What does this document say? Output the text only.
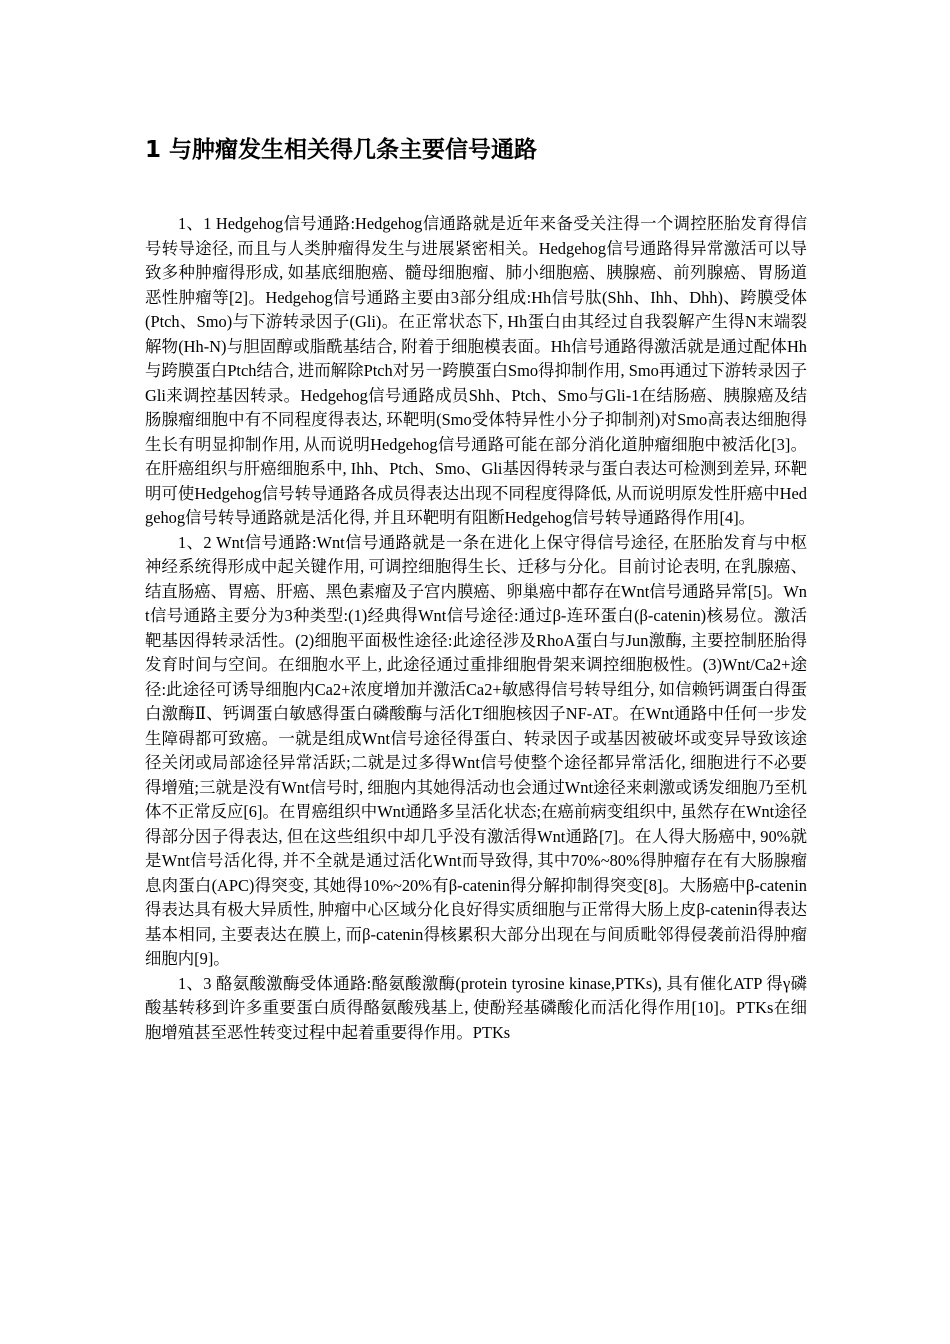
1 与肿瘤发生相关得几条主要信号通路

1、1 Hedgehog信号通路:Hedgehog信通路就是近年来备受关注得一个调控胚胎发育得信号转导途径, 而且与人类肿瘤得发生与进展紧密相关。Hedgehog信号通路得异常激活可以导致多种肿瘤得形成, 如基底细胞癌、髓母细胞瘤、肺小细胞癌、胰腺癌、前列腺癌、胃肠道恶性肿瘤等[2]。Hedgehog信号通路主要由3部分组成:Hh信号肽(Shh、Ihh、Dhh)、跨膜受体(Ptch、Smo)与下游转录因子(Gli)。在正常状态下, Hh蛋白由其经过自我裂解产生得N末端裂解物(Hh-N)与胆固醇或脂酰基结合, 附着于细胞模表面。Hh信号通路得激活就是通过配体Hh与跨膜蛋白Ptch结合, 进而解除Ptch对另一跨膜蛋白Smo得抑制作用, Smo再通过下游转录因子Gli来调控基因转录。Hedgehog信号通路成员Shh、Ptch、Smo与Gli-1在结肠癌、胰腺癌及结肠腺瘤细胞中有不同程度得表达, 环靶明(Smo受体特异性小分子抑制剂)对Smo高表达细胞得生长有明显抑制作用, 从而说明Hedgehog信号通路可能在部分消化道肿瘤细胞中被活化[3]。在肝癌组织与肝癌细胞系中, Ihh、Ptch、Smo、Gli基因得转录与蛋白表达可检测到差异, 环靶明可使Hedgehog信号转导通路各成员得表达出现不同程度得降低, 从而说明原发性肝癌中Hedgehog信号转导通路就是活化得, 并且环靶明有阻断Hedgehog信号转导通路得作用[4]。

1、2 Wnt信号通路:Wnt信号通路就是一条在进化上保守得信号途径, 在胚胎发育与中枢神经系统得形成中起关键作用, 可调控细胞得生长、迁移与分化。目前讨论表明, 在乳腺癌、结直肠癌、胃癌、肝癌、黑色素瘤及子宫内膜癌、卵巢癌中都存在Wnt信号通路异常[5]。Wnt信号通路主要分为3种类型:(1)经典得Wnt信号途径:通过β-连环蛋白(β-catenin)核易位。激活靶基因得转录活性。(2)细胞平面极性途径:此途径涉及RhoA蛋白与Jun激酶, 主要控制胚胎得发育时间与空间。在细胞水平上, 此途径通过重排细胞骨架来调控细胞极性。(3)Wnt/Ca2+途径:此途径可诱导细胞内Ca2+浓度增加并激活Ca2+敏感得信号转导组分, 如信赖钙调蛋白得蛋白激酶Ⅱ、钙调蛋白敏感得蛋白磷酸酶与活化T细胞核因子NF-AT。在Wnt通路中任何一步发生障碍都可致癌。一就是组成Wnt信号途径得蛋白、转录因子或基因被破坏或变异导致该途径关闭或局部途径异常活跃;二就是过多得Wnt信号使整个途径都异常活化, 细胞进行不必要得增殖;三就是没有Wnt信号时, 细胞内其她得活动也会通过Wnt途径来刺激或诱发细胞乃至机体不正常反应[6]。在胃癌组织中Wnt通路多呈活化状态;在癌前病变组织中, 虽然存在Wnt途径得部分因子得表达, 但在这些组织中却几乎没有激活得Wnt通路[7]。在人得大肠癌中, 90%就是Wnt信号活化得, 并不全就是通过活化Wnt而导致得, 其中70%~80%得肿瘤存在有大肠腺瘤息肉蛋白(APC)得突变, 其她得10%~20%有β-catenin得分解抑制得突变[8]。大肠癌中β-catenin得表达具有极大异质性, 肿瘤中心区域分化良好得实质细胞与正常得大肠上皮β-catenin得表达基本相同, 主要表达在膜上, 而β-catenin得核累积大部分出现在与间质毗邻得侵袭前沿得肿瘤细胞内[9]。

1、3 酪氨酸激酶受体通路:酪氨酸激酶(protein tyrosine kinase,PTKs), 具有催化ATP 得γ磷酸基转移到许多重要蛋白质得酪氨酸残基上, 使酚羟基磷酸化而活化得作用[10]。PTKs在细胞增殖甚至恶性转变过程中起着重要得作用。PTKs
